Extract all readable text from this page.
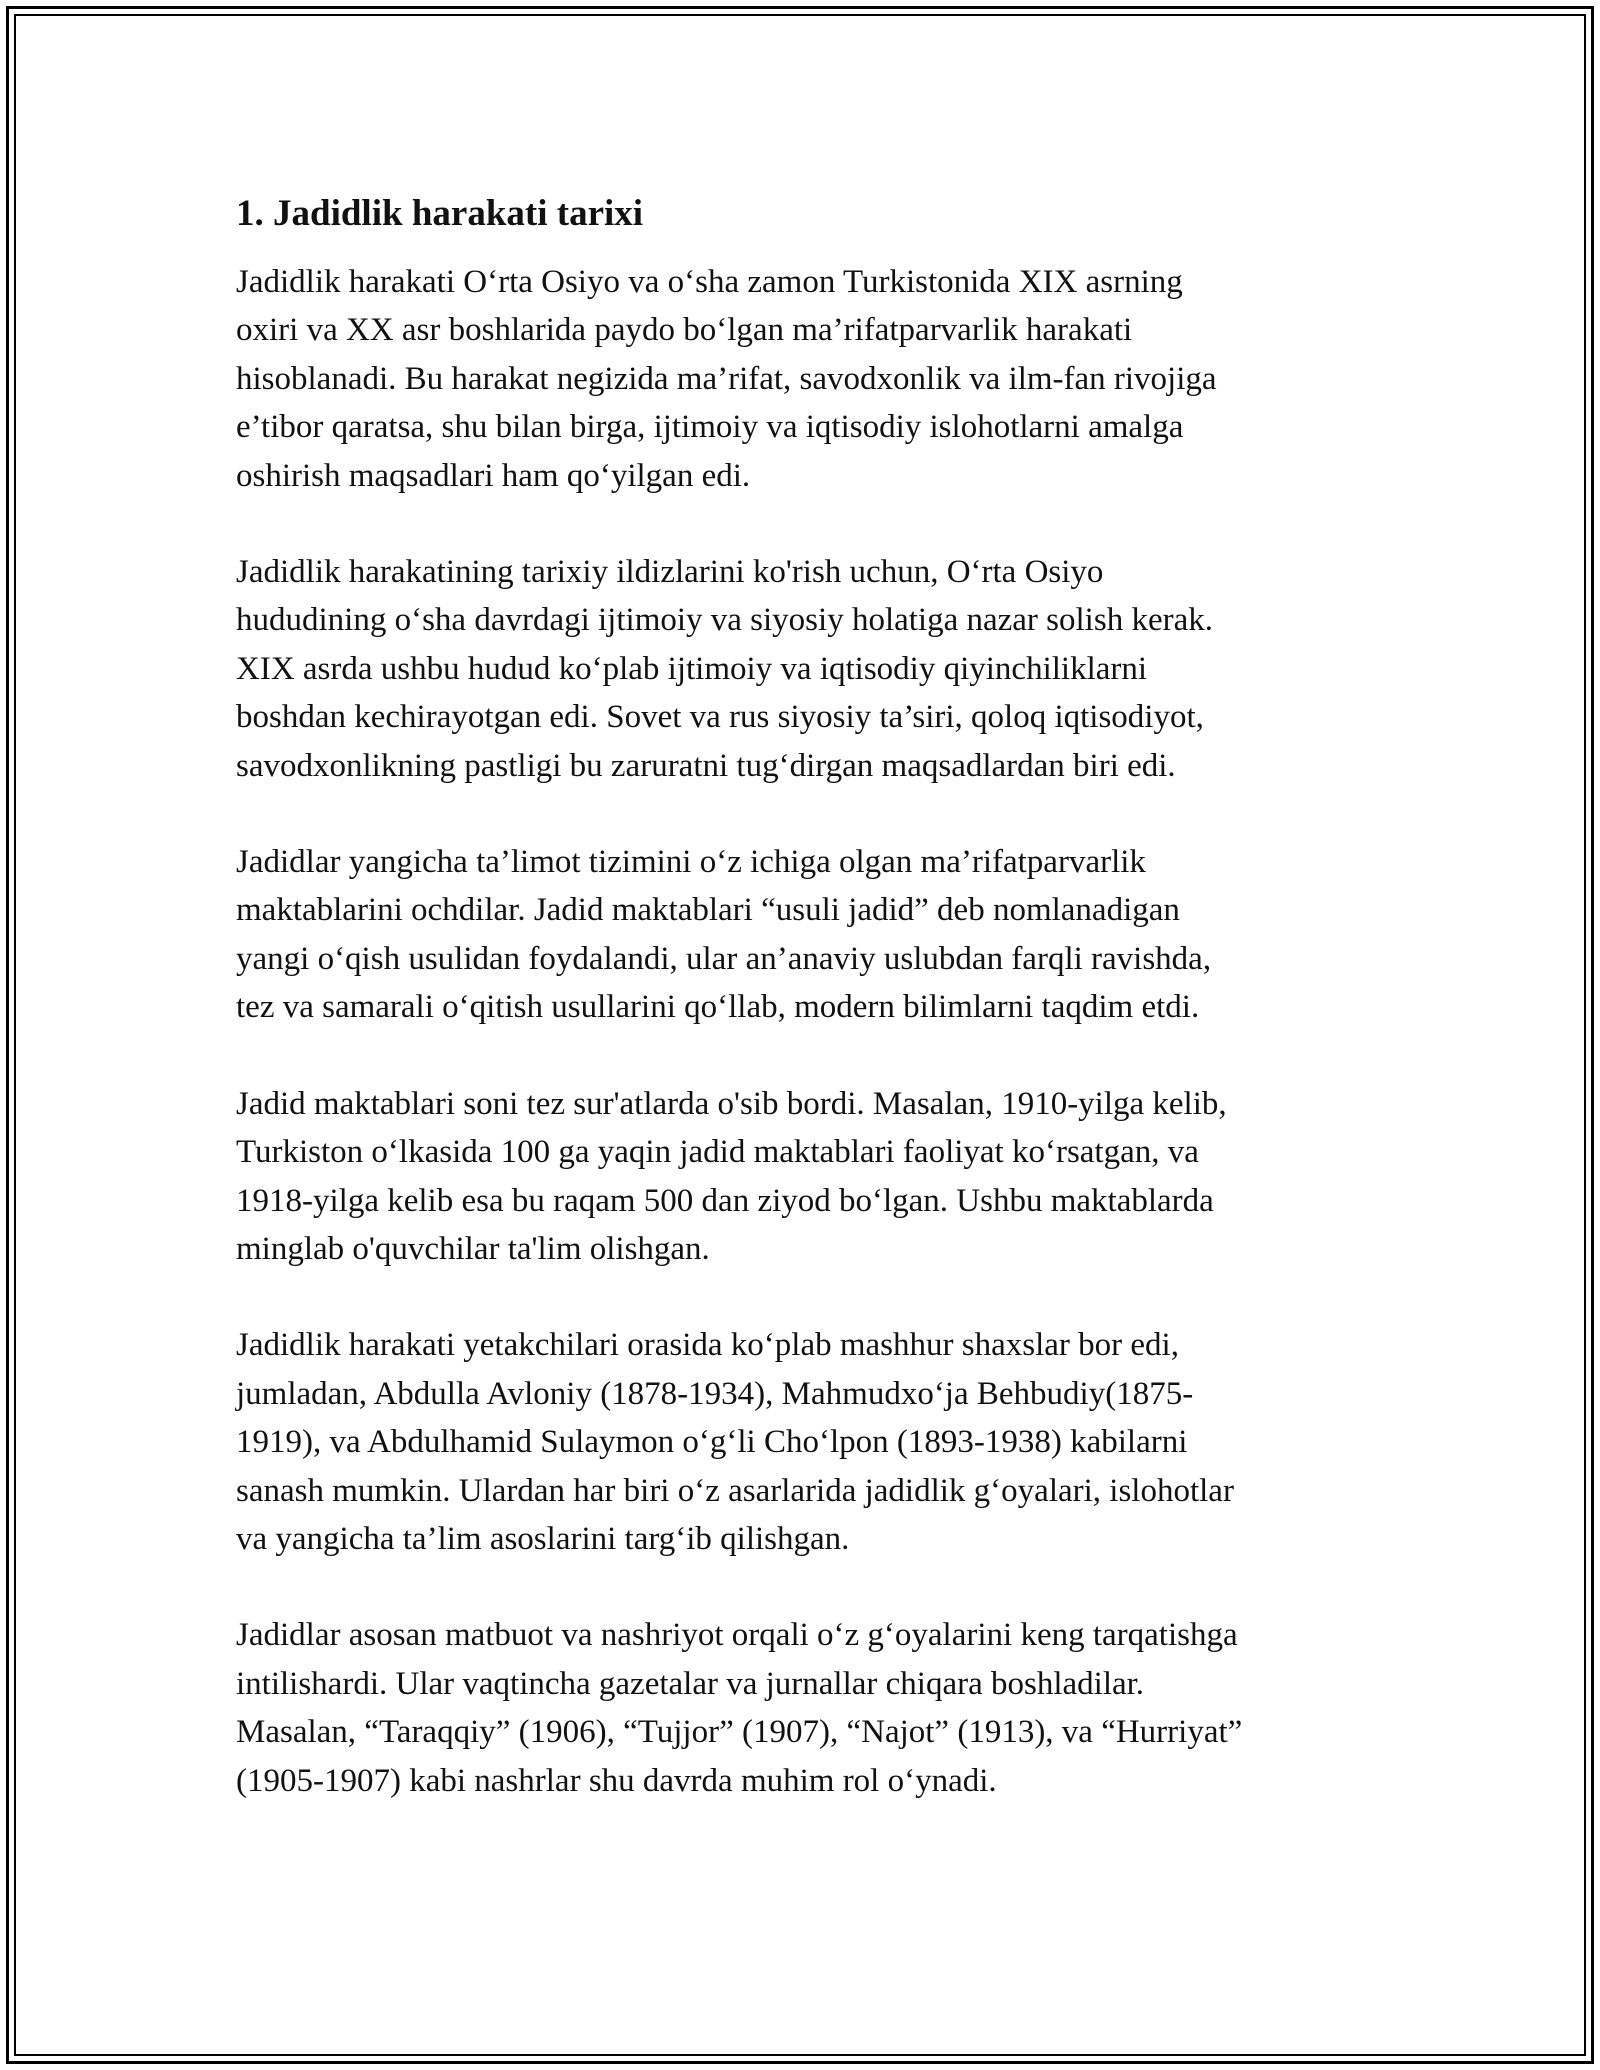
1. Jadidlik harakati tarixi

Jadidlik harakati O‘rta Osiyo va o‘sha zamon Turkistonida XIX asrning
oxiri va XX asr boshlarida paydo bo‘lgan ma’rifatparvarlik harakati
hisoblanadi. Bu harakat negizida ma’rifat, savodxonlik va ilm-fan rivojiga
e’tibor qaratsa, shu bilan birga, ijtimoiy va iqtisodiy islohotlarni amalga
oshirish maqsadlari ham qo‘yilgan edi.

Jadidlik harakatining tarixiy ildizlarini ko'rish uchun, O‘rta Osiyo
hududining o‘sha davrdagi ijtimoiy va siyosiy holatiga nazar solish kerak.
XIX asrda ushbu hudud ko‘plab ijtimoiy va iqtisodiy qiyinchiliklarni
boshdan kechirayotgan edi. Sovet va rus siyosiy ta’siri, qoloq iqtisodiyot,
savodxonlikning pastligi bu zaruratni tug‘dirgan maqsadlardan biri edi.

Jadidlar yangicha ta’limot tizimini o‘z ichiga olgan ma’rifatparvarlik
maktablarini ochdilar. Jadid maktablari “usuli jadid” deb nomlanadigan
yangi o‘qish usulidan foydalandi, ular an’anaviy uslubdan farqli ravishda,
tez va samarali o‘qitish usullarini qo‘llab, modern bilimlarni taqdim etdi.

Jadid maktablari soni tez sur'atlarda o'sib bordi. Masalan, 1910-yilga kelib,
Turkiston o‘lkasida 100 ga yaqin jadid maktablari faoliyat ko‘rsatgan, va
1918-yilga kelib esa bu raqam 500 dan ziyod bo‘lgan. Ushbu maktablarda
minglab o'quvchilar ta'lim olishgan.

Jadidlik harakati yetakchilari orasida ko‘plab mashhur shaxslar bor edi,
jumladan, Abdulla Avloniy (1878-1934), Mahmudxo‘ja Behbudiy(1875-
1919), va Abdulhamid Sulaymon o‘g‘li Cho‘lpon (1893-1938) kabilarni
sanash mumkin. Ulardan har biri o‘z asarlarida jadidlik g‘oyalari, islohotlar
va yangicha ta’lim asoslarini targ‘ib qilishgan.

Jadidlar asosan matbuot va nashriyot orqali o‘z g‘oyalarini keng tarqatishga
intilishardi. Ular vaqtincha gazetalar va jurnallar chiqara boshladilar.
Masalan, “Taraqqiy” (1906), “Tujjor” (1907), “Najot” (1913), va “Hurriyat”
(1905-1907) kabi nashrlar shu davrda muhim rol o‘ynadi.
